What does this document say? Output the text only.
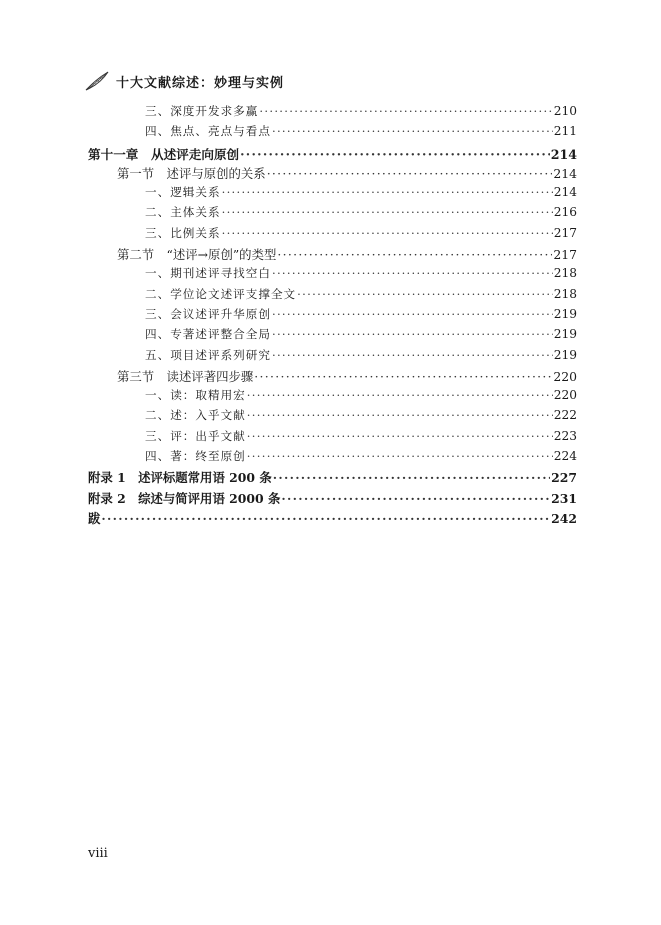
十大文献综述：妙理与实例
三、深度开发求多赢 ·····	210
四、焦点、亮点与看点 ·····	211
第十一章　从述评走向原创 ·····	214
第一节　述评与原创的关系 ·····	214
一、逻辑关系 ·····	214
二、主体关系 ·····	216
三、比例关系 ·····	217
第二节　“述评→原创”的类型 ·····	217
一、期刊述评寻找空白 ·····	218
二、学位论文述评支撑全文 ·····	218
三、会议述评升华原创 ·····	219
四、专著述评整合全局 ·····	219
五、项目述评系列研究 ·····	219
第三节　读述评著四步骤 ·····	220
一、读：取精用宏 ·····	220
二、述：入乎文献 ·····	222
三、评：出乎文献 ·····	223
四、著：终至原创 ·····	224
附录 1　述评标题常用语 200 条 ·····	227
附录 2　综述与简评用语 2000 条 ·····	231
跋 ·····	242
viii
